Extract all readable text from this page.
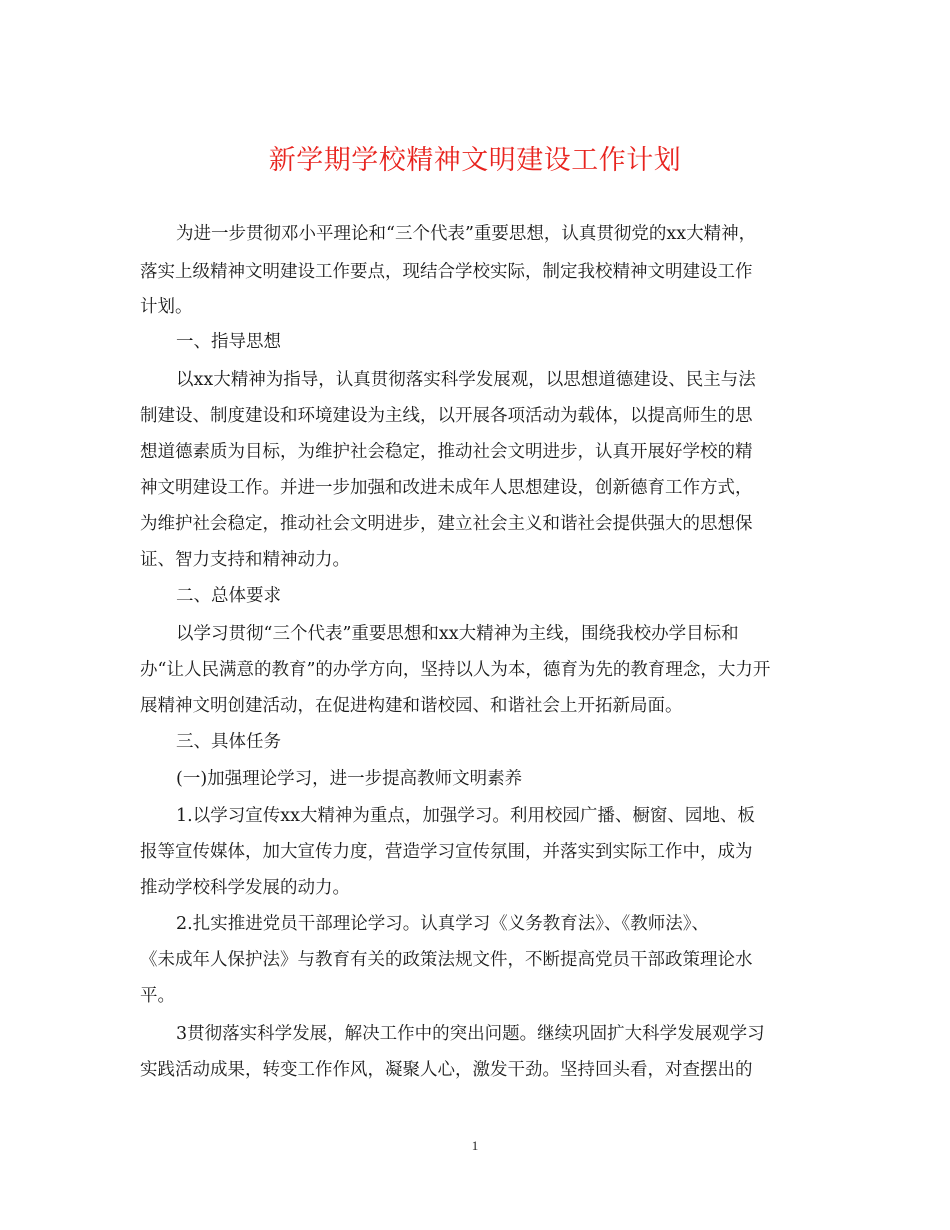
新学期学校精神文明建设工作计划
为进一步贯彻邓小平理论和“三个代表”重要思想，认真贯彻党的xx大精神，
落实上级精神文明建设工作要点，现结合学校实际，制定我校精神文明建设工作
计划。
一、指导思想
以xx大精神为指导，认真贯彻落实科学发展观，以思想道德建设、民主与法
制建设、制度建设和环境建设为主线，以开展各项活动为载体，以提高师生的思
想道德素质为目标，为维护社会稳定，推动社会文明进步，认真开展好学校的精
神文明建设工作。并进一步加强和改进未成年人思想建设，创新德育工作方式，
为维护社会稳定，推动社会文明进步，建立社会主义和谐社会提供强大的思想保
证、智力支持和精神动力。
二、总体要求
以学习贯彻“三个代表”重要思想和xx大精神为主线，围绕我校办学目标和
办“让人民满意的教育”的办学方向，坚持以人为本，德育为先的教育理念，大力开
展精神文明创建活动，在促进构建和谐校园、和谐社会上开拓新局面。
三、具体任务
(一)加强理论学习，进一步提高教师文明素养
1.以学习宣传xx大精神为重点，加强学习。利用校园广播、橱窗、园地、板
报等宣传媒体，加大宣传力度，营造学习宣传氛围，并落实到实际工作中，成为
推动学校科学发展的动力。
2.扎实推进党员干部理论学习。认真学习《义务教育法》、《教师法》、
《未成年人保护法》与教育有关的政策法规文件，不断提高党员干部政策理论水
平。
3贯彻落实科学发展，解决工作中的突出问题。继续巩固扩大科学发展观学习
实践活动成果，转变工作作风，凝聚人心，激发干劲。坚持回头看，对查摆出的
1
